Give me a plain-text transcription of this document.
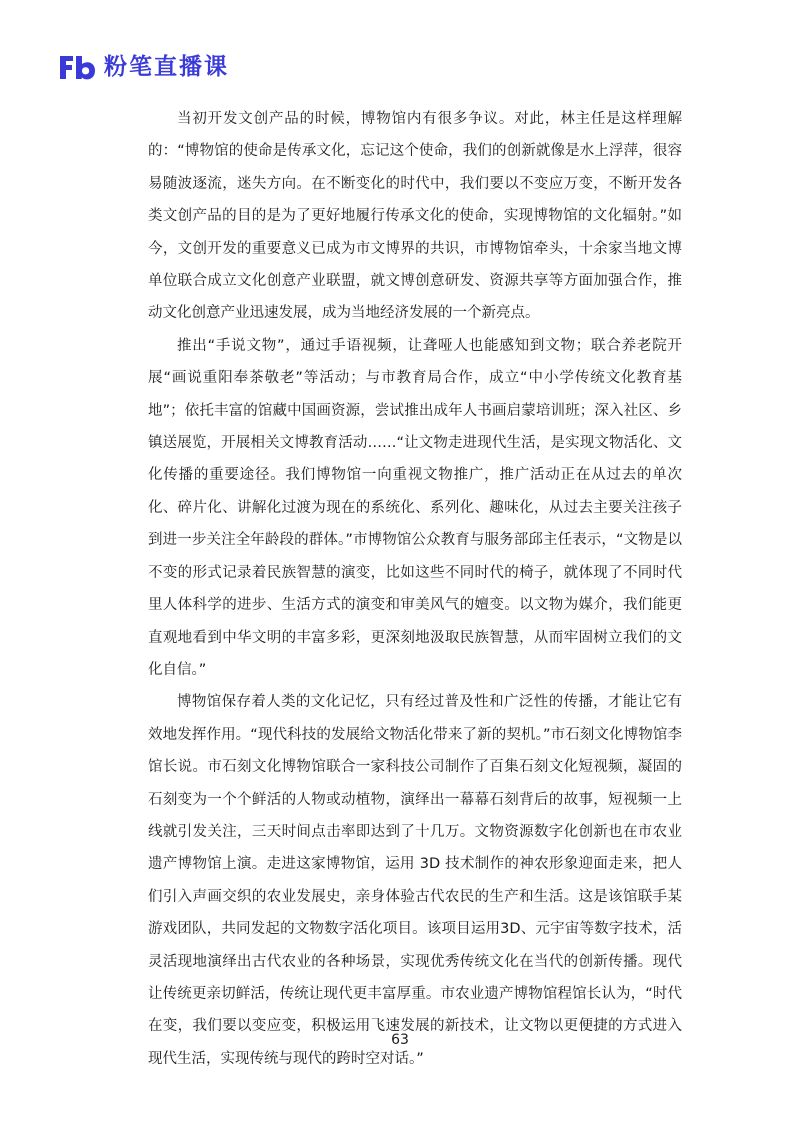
粉笔直播课

当初开发文创产品的时候，博物馆内有很多争议。对此，林主任是这样理解的：“博物馆的使命是传承文化，忘记这个使命，我们的创新就像是水上浮萍，很容易随波逐流，迷失方向。在不断变化的时代中，我们要以不变应万变，不断开发各类文创产品的目的是为了更好地履行传承文化的使命，实现博物馆的文化辐射。”如今，文创开发的重要意义已成为市文博界的共识，市博物馆牵头，十余家当地文博单位联合成立文化创意产业联盟，就文博创意研发、资源共享等方面加强合作，推动文化创意产业迅速发展，成为当地经济发展的一个新亮点。

推出“手说文物”，通过手语视频，让聋哑人也能感知到文物；联合养老院开展“画说重阳奉茶敬老”等活动；与市教育局合作，成立“中小学传统文化教育基地”；依托丰富的馆藏中国画资源，尝试推出成年人书画启蒙培训班；深入社区、乡镇送展览，开展相关文博教育活动……“让文物走进现代生活，是实现文物活化、文化传播的重要途径。我们博物馆一向重视文物推广，推广活动正在从过去的单次化、碎片化、讲解化过渡为现在的系统化、系列化、趣味化，从过去主要关注孩子到进一步关注全年龄段的群体。”市博物馆公众教育与服务部邱主任表示，“文物是以不变的形式记录着民族智慧的演变，比如这些不同时代的椅子，就体现了不同时代里人体科学的进步、生活方式的演变和审美风气的嬗变。以文物为媒介，我们能更直观地看到中华文明的丰富多彩，更深刻地汲取民族智慧，从而牢固树立我们的文化自信。”

博物馆保存着人类的文化记忆，只有经过普及性和广泛性的传播，才能让它有效地发挥作用。“现代科技的发展给文物活化带来了新的契机。”市石刻文化博物馆李馆长说。市石刻文化博物馆联合一家科技公司制作了百集石刻文化短视频，凝固的石刻变为一个个鲜活的人物或动植物，演绎出一幕幕石刻背后的故事，短视频一上线就引发关注，三天时间点击率即达到了十几万。文物资源数字化创新也在市农业遗产博物馆上演。走进这家博物馆，运用 3D 技术制作的神农形象迎面走来，把人们引入声画交织的农业发展史，亲身体验古代农民的生产和生活。这是该馆联手某游戏团队，共同发起的文物数字活化项目。该项目运用3D、元宇宙等数字技术，活灵活现地演绎出古代农业的各种场景，实现优秀传统文化在当代的创新传播。现代让传统更亲切鲜活，传统让现代更丰富厚重。市农业遗产博物馆程馆长认为，“时代在变，我们要以变应变，积极运用飞速发展的新技术，让文物以更便捷的方式进入现代生活，实现传统与现代的跨时空对话。”

63
